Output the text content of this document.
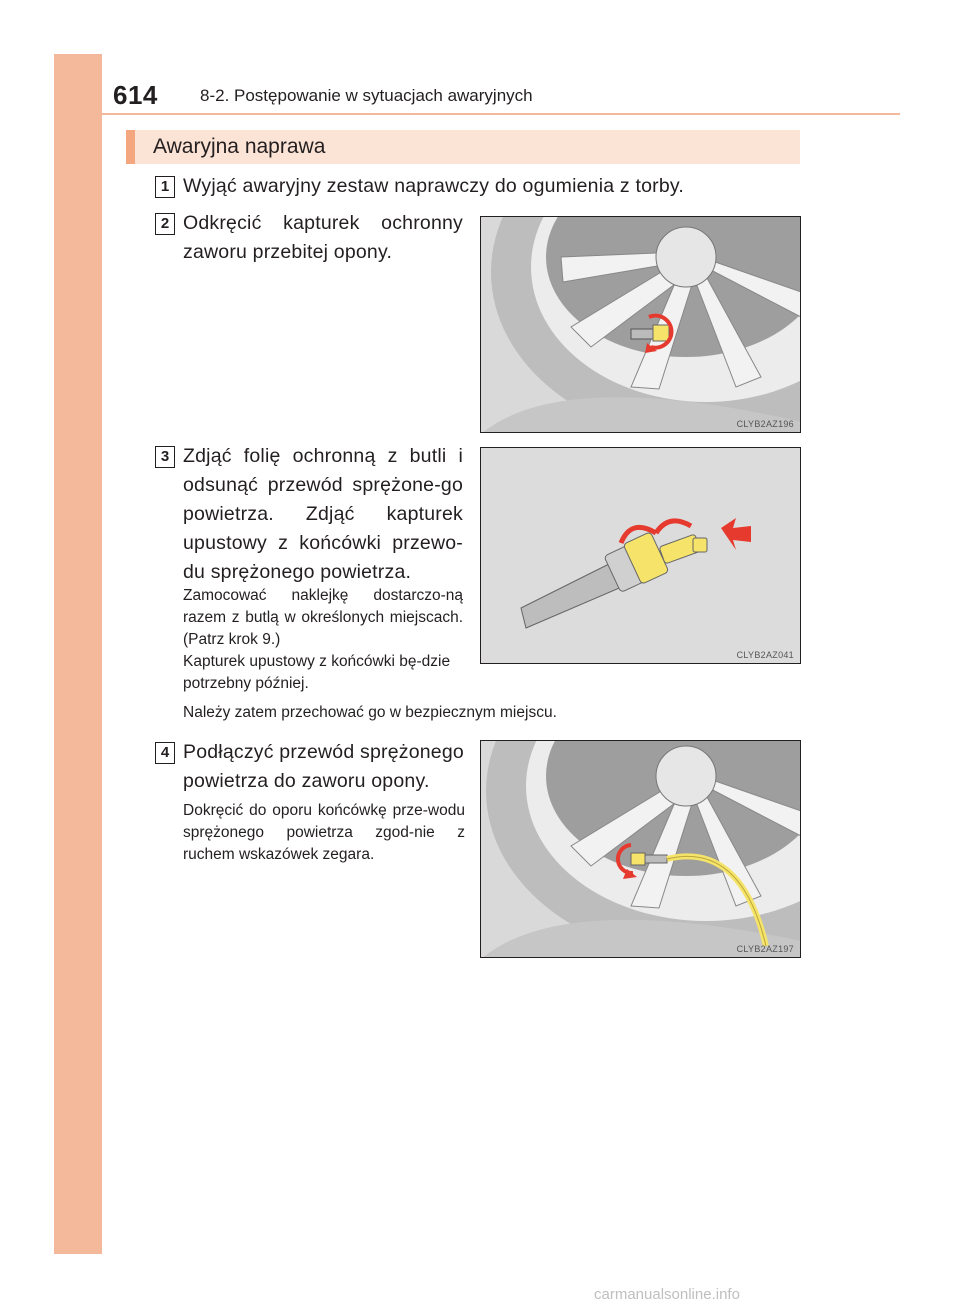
614 8-2. Postępowanie w sytuacjach awaryjnych
Awaryjna naprawa
1 Wyjąć awaryjny zestaw naprawczy do ogumienia z torby.
2 Odkręcić kapturek ochronny zaworu przebitej opony.
CLYB2AZ196
3 Zdjąć folię ochronną z butli i odsunąć przewód sprężone-go powietrza. Zdjąć kapturek upustowy z końcówki przewo-du sprężonego powietrza.
Zamocować naklejkę dostarczo-ną razem z butlą w określonych miejscach. (Patrz krok 9.)
Kapturek upustowy z końcówki bę-dzie potrzebny później.
Należy zatem przechować go w bezpiecznym miejscu.
CLYB2AZ041
4 Podłączyć przewód sprężonego powietrza do zaworu opony.
Dokręcić do oporu końcówkę prze-wodu sprężonego powietrza zgod-nie z ruchem wskazówek zegara.
CLYB2AZ197
carmanualsonline.info
